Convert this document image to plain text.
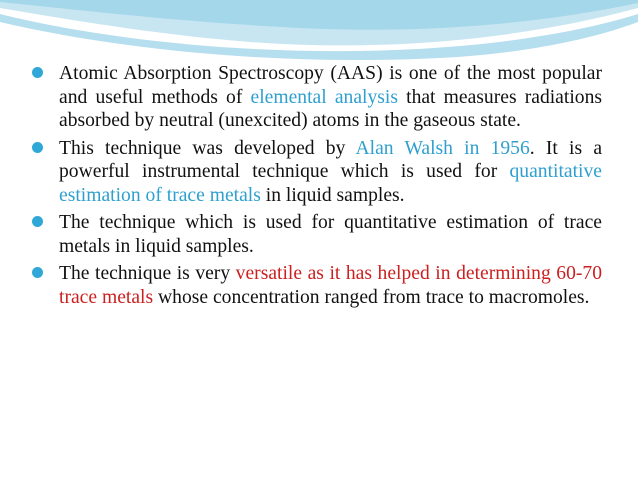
Atomic Absorption Spectroscopy (AAS) is one of the most popular and useful methods of elemental analysis that measures radiations absorbed by neutral (unexcited) atoms in the gaseous state.
This technique was developed by Alan Walsh in 1956. It is a powerful instrumental technique which is used for quantitative estimation of trace metals in liquid samples.
The technique which is used for quantitative estimation of trace metals in liquid samples.
The technique is very versatile as it has helped in determining 60-70 trace metals whose concentration ranged from trace to macromoles.
